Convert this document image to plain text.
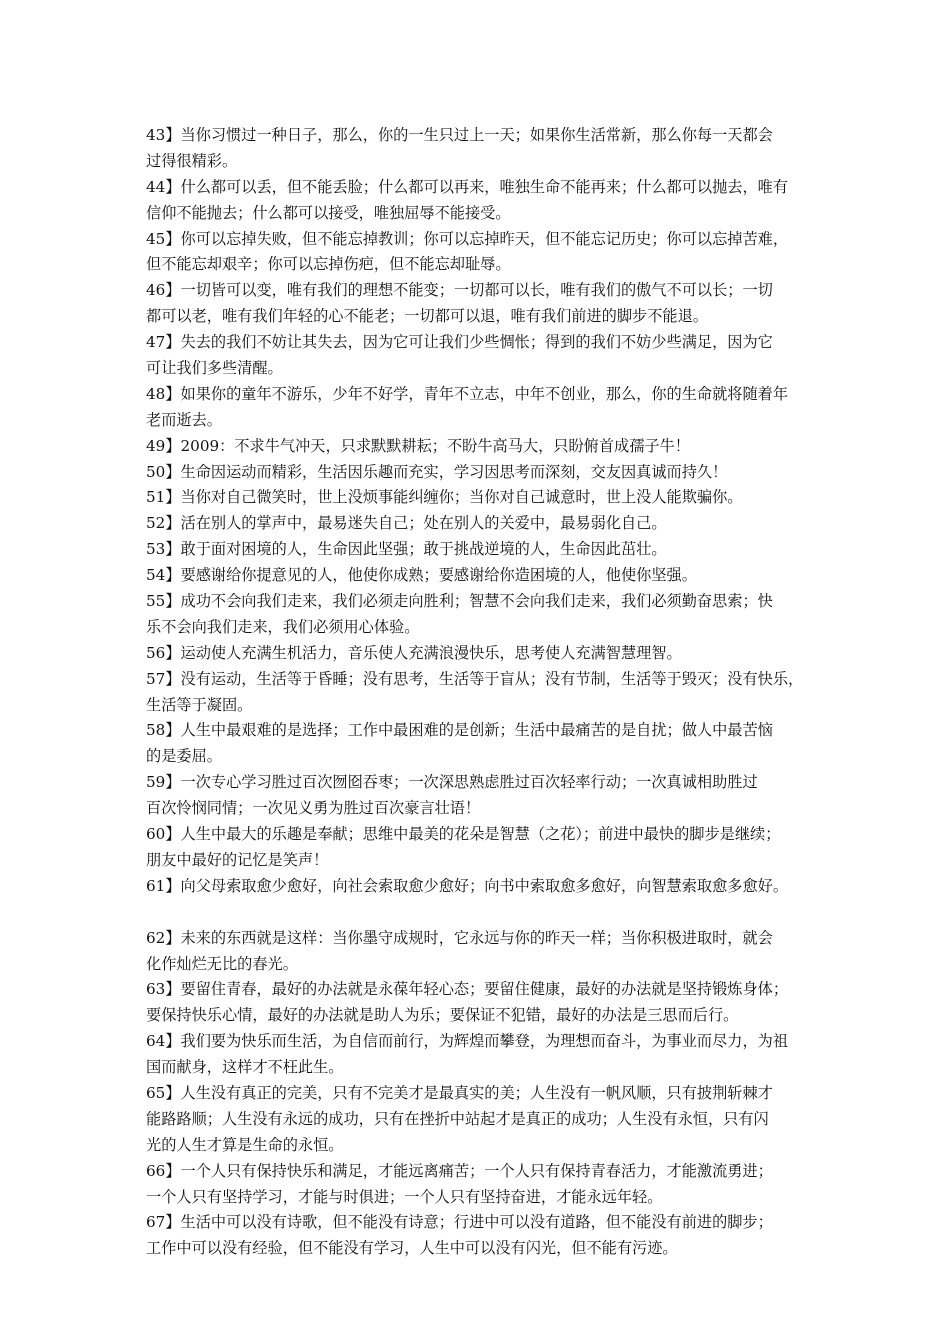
43】当你习惯过一种日子，那么，你的一生只过上一天；如果你生活常新，那么你每一天都会
过得很精彩。
44】什么都可以丢，但不能丢脸；什么都可以再来，唯独生命不能再来；什么都可以抛去，唯有
信仰不能抛去；什么都可以接受，唯独屈辱不能接受。
45】你可以忘掉失败，但不能忘掉教训；你可以忘掉昨天，但不能忘记历史；你可以忘掉苦难，
但不能忘却艰辛；你可以忘掉伤疤，但不能忘却耻辱。
46】一切皆可以变，唯有我们的理想不能变；一切都可以长，唯有我们的傲气不可以长；一切
都可以老，唯有我们年轻的心不能老；一切都可以退，唯有我们前进的脚步不能退。
47】失去的我们不妨让其失去，因为它可让我们少些惆怅；得到的我们不妨少些满足，因为它
可让我们多些清醒。
48】如果你的童年不游乐，少年不好学，青年不立志，中年不创业，那么，你的生命就将随着年
老而逝去。
49】2009：不求牛气冲天，只求默默耕耘；不盼牛高马大，只盼俯首成孺子牛！
50】生命因运动而精彩，生活因乐趣而充实，学习因思考而深刻，交友因真诚而持久！
51】当你对自己微笑时，世上没烦事能纠缠你；当你对自己诚意时，世上没人能欺骗你。
52】活在别人的掌声中，最易迷失自己；处在别人的关爱中，最易弱化自己。
53】敢于面对困境的人，生命因此坚强；敢于挑战逆境的人，生命因此茁壮。
54】要感谢给你提意见的人，他使你成熟；要感谢给你造困境的人，他使你坚强。
55】成功不会向我们走来，我们必须走向胜利；智慧不会向我们走来，我们必须勤奋思索；快
乐不会向我们走来，我们必须用心体验。
56】运动使人充满生机活力，音乐使人充满浪漫快乐，思考使人充满智慧理智。
57】没有运动，生活等于昏睡；没有思考，生活等于盲从；没有节制，生活等于毁灭；没有快乐，
生活等于凝固。
58】人生中最艰难的是选择；工作中最困难的是创新；生活中最痛苦的是自扰；做人中最苦恼
的是委屈。
59】一次专心学习胜过百次囫囵吞枣；一次深思熟虑胜过百次轻率行动；一次真诚相助胜过
百次怜悯同情；一次见义勇为胜过百次豪言壮语！
60】人生中最大的乐趣是奉献；思维中最美的花朵是智慧（之花）；前进中最快的脚步是继续；
朋友中最好的记忆是笑声！
61】向父母索取愈少愈好，向社会索取愈少愈好；向书中索取愈多愈好，向智慧索取愈多愈好。
62】未来的东西就是这样：当你墨守成规时，它永远与你的昨天一样；当你积极进取时，就会
化作灿烂无比的春光。
63】要留住青春，最好的办法就是永葆年轻心态；要留住健康，最好的办法就是坚持锻炼身体；
要保持快乐心情，最好的办法就是助人为乐；要保证不犯错，最好的办法是三思而后行。
64】我们要为快乐而生活，为自信而前行，为辉煌而攀登，为理想而奋斗，为事业而尽力，为祖
国而献身，这样才不枉此生。
65】人生没有真正的完美，只有不完美才是最真实的美；人生没有一帆风顺，只有披荆斩棘才
能路路顺；人生没有永远的成功，只有在挫折中站起才是真正的成功；人生没有永恒，只有闪
光的人生才算是生命的永恒。
66】一个人只有保持快乐和满足，才能远离痛苦；一个人只有保持青春活力，才能激流勇进；
一个人只有坚持学习，才能与时俱进；一个人只有坚持奋进，才能永远年轻。
67】生活中可以没有诗歌，但不能没有诗意；行进中可以没有道路，但不能没有前进的脚步；
工作中可以没有经验，但不能没有学习，人生中可以没有闪光，但不能有污迹。
